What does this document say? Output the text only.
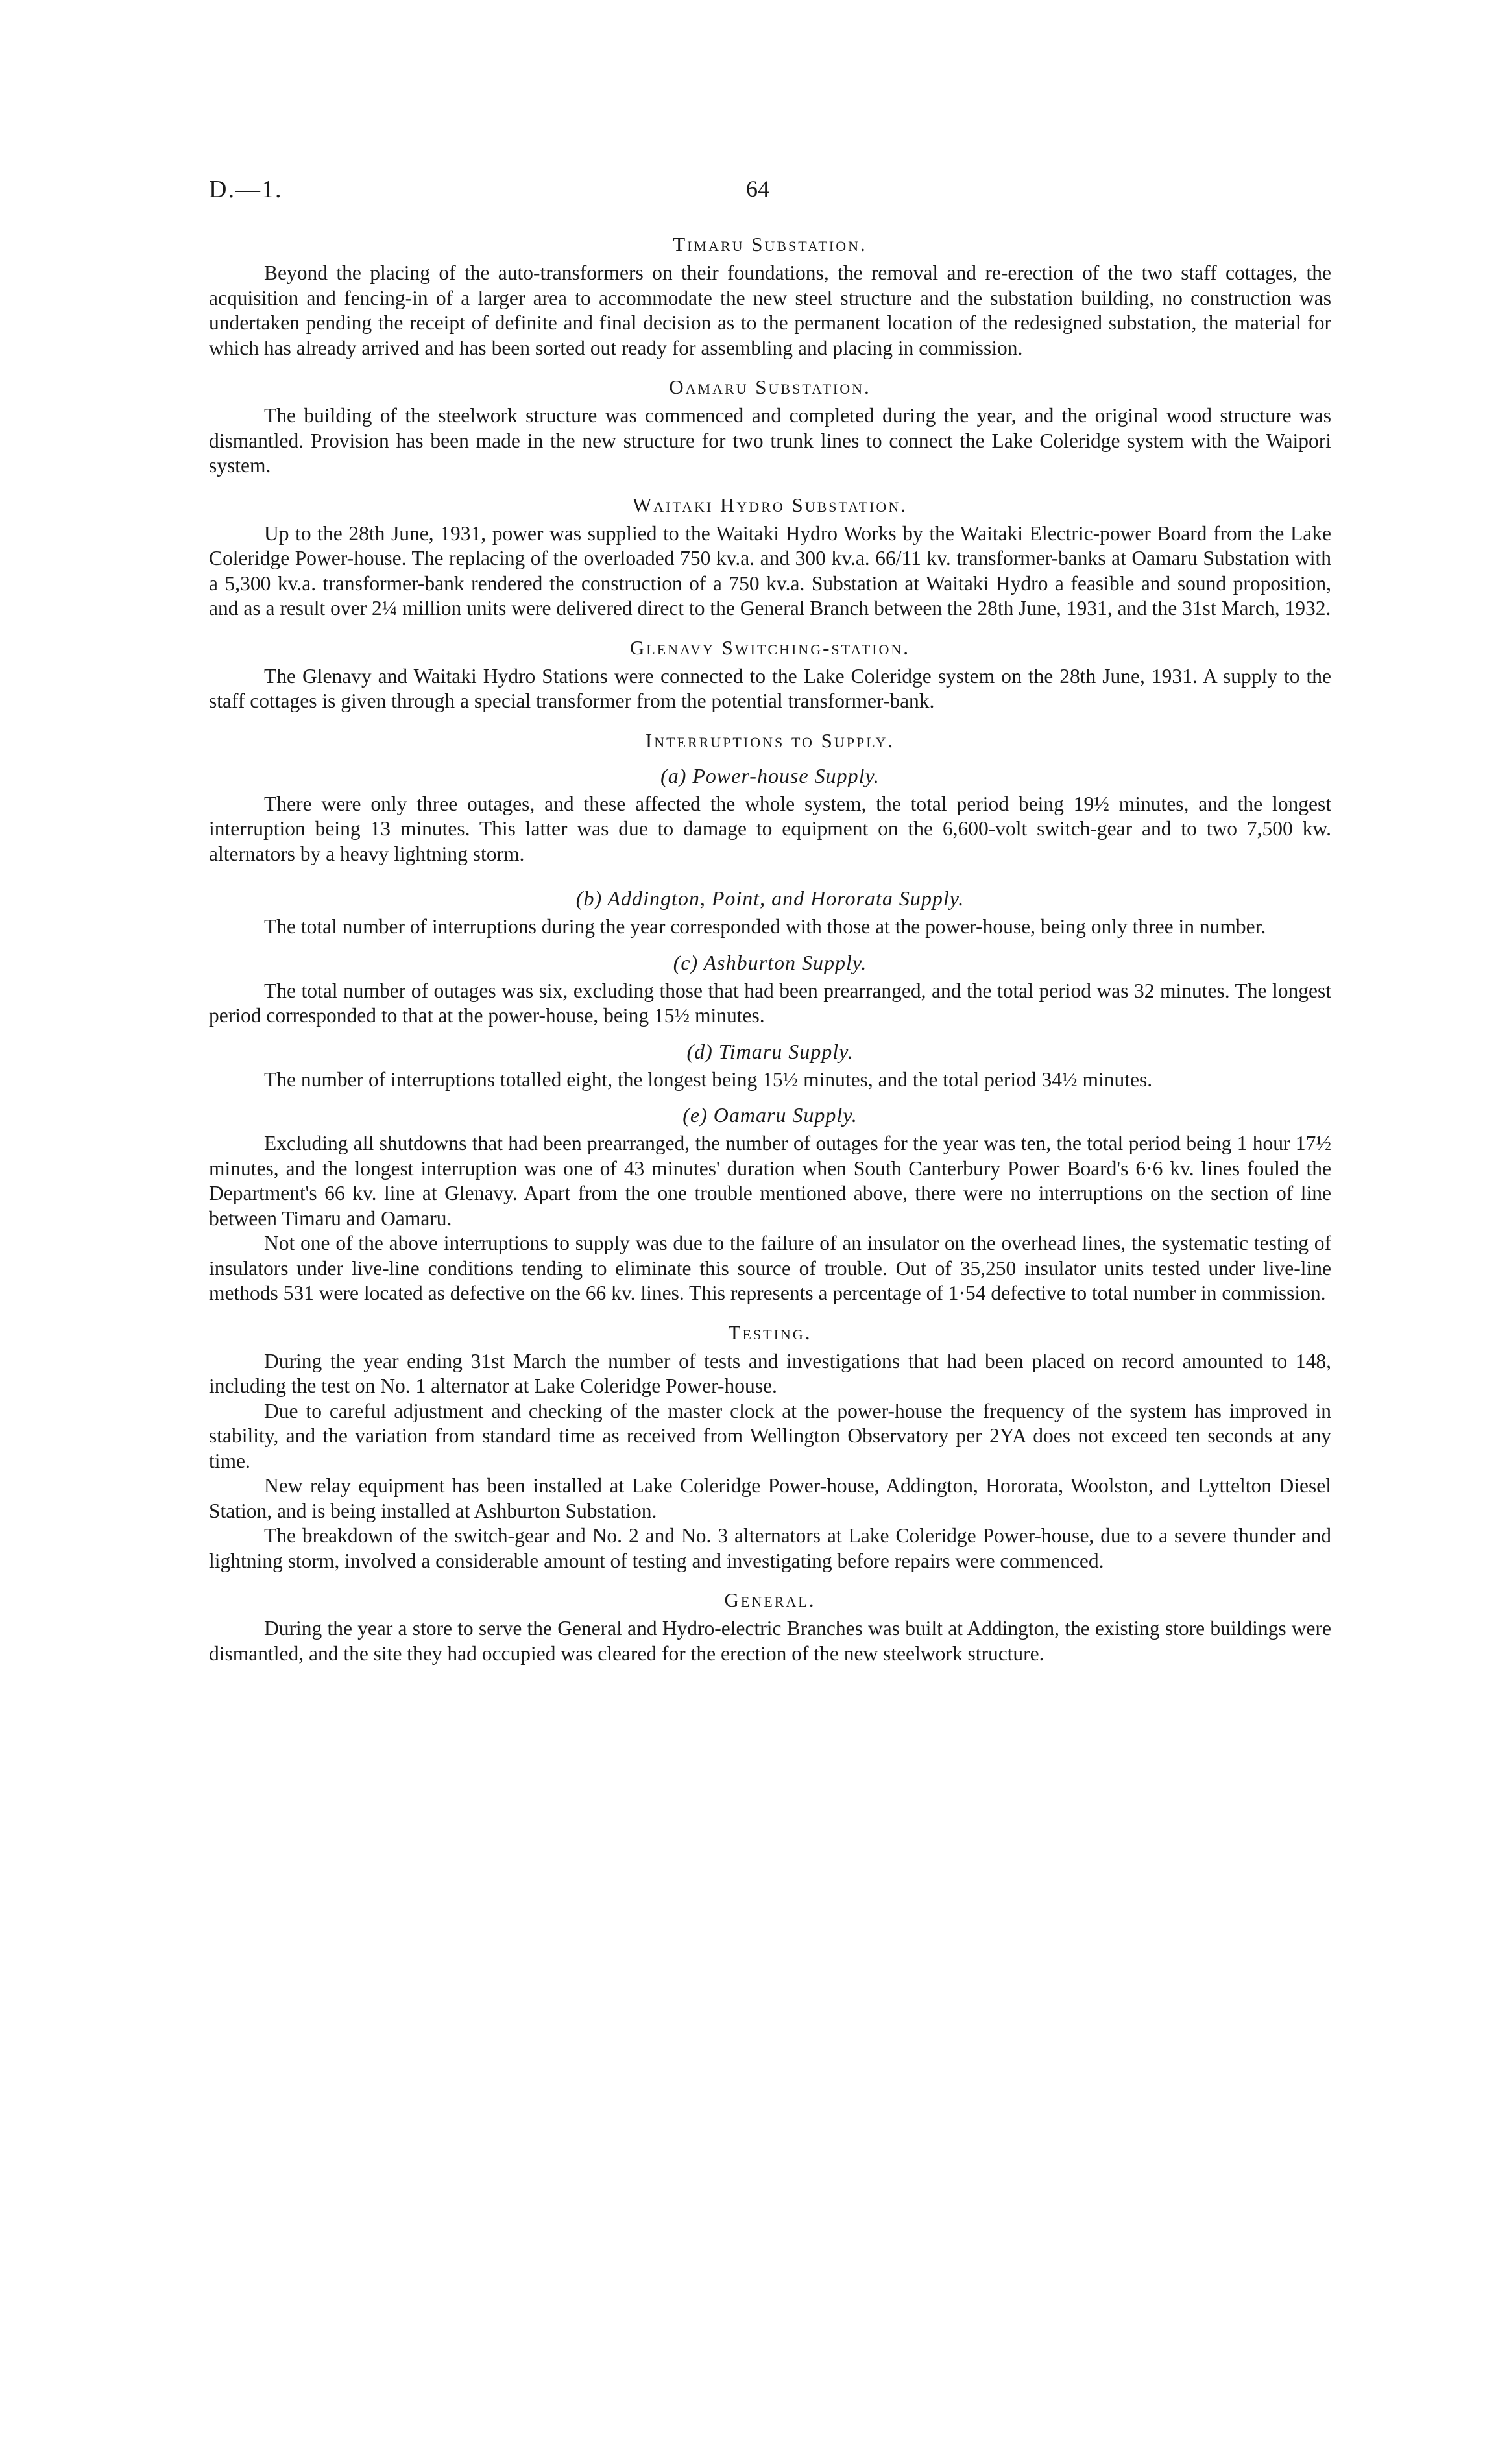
D.—1.	64
Timaru Substation.

Beyond the placing of the auto-transformers on their foundations, the removal and re-erection of the two staff cottages, the acquisition and fencing-in of a larger area to accommodate the new steel structure and the substation building, no construction was undertaken pending the receipt of definite and final decision as to the permanent location of the redesigned substation, the material for which has already arrived and has been sorted out ready for assembling and placing in commission.

Oamaru Substation.

The building of the steelwork structure was commenced and completed during the year, and the original wood structure was dismantled. Provision has been made in the new structure for two trunk lines to connect the Lake Coleridge system with the Waipori system.

Waitaki Hydro Substation.

Up to the 28th June, 1931, power was supplied to the Waitaki Hydro Works by the Waitaki Electric-power Board from the Lake Coleridge Power-house. The replacing of the overloaded 750 kv.a. and 300 kv.a. 66/11 kv. transformer-banks at Oamaru Substation with a 5,300 kv.a. transformer-bank rendered the construction of a 750 kv.a. Substation at Waitaki Hydro a feasible and sound proposition, and as a result over 2¼ million units were delivered direct to the General Branch between the 28th June, 1931, and the 31st March, 1932.

Glenavy Switching-station.

The Glenavy and Waitaki Hydro Stations were connected to the Lake Coleridge system on the 28th June, 1931. A supply to the staff cottages is given through a special transformer from the potential transformer-bank.

Interruptions to Supply.
(a) Power-house Supply.

There were only three outages, and these affected the whole system, the total period being 19½ minutes, and the longest interruption being 13 minutes. This latter was due to damage to equipment on the 6,600-volt switch-gear and to two 7,500 kw. alternators by a heavy lightning storm.

(b) Addington, Point, and Hororata Supply.

The total number of interruptions during the year corresponded with those at the power-house, being only three in number.

(c) Ashburton Supply.

The total number of outages was six, excluding those that had been prearranged, and the total period was 32 minutes. The longest period corresponded to that at the power-house, being 15½ minutes.

(d) Timaru Supply.

The number of interruptions totalled eight, the longest being 15½ minutes, and the total period 34½ minutes.

(e) Oamaru Supply.

Excluding all shutdowns that had been prearranged, the number of outages for the year was ten, the total period being 1 hour 17½ minutes, and the longest interruption was one of 43 minutes' duration when South Canterbury Power Board's 6·6 kv. lines fouled the Department's 66 kv. line at Glenavy. Apart from the one trouble mentioned above, there were no interruptions on the section of line between Timaru and Oamaru.

Not one of the above interruptions to supply was due to the failure of an insulator on the overhead lines, the systematic testing of insulators under live-line conditions tending to eliminate this source of trouble. Out of 35,250 insulator units tested under live-line methods 531 were located as defective on the 66 kv. lines. This represents a percentage of 1·54 defective to total number in commission.

Testing.

During the year ending 31st March the number of tests and investigations that had been placed on record amounted to 148, including the test on No. 1 alternator at Lake Coleridge Power-house.

Due to careful adjustment and checking of the master clock at the power-house the frequency of the system has improved in stability, and the variation from standard time as received from Wellington Observatory per 2YA does not exceed ten seconds at any time.

New relay equipment has been installed at Lake Coleridge Power-house, Addington, Hororata, Woolston, and Lyttelton Diesel Station, and is being installed at Ashburton Substation.

The breakdown of the switch-gear and No. 2 and No. 3 alternators at Lake Coleridge Power-house, due to a severe thunder and lightning storm, involved a considerable amount of testing and investigating before repairs were commenced.

General.

During the year a store to serve the General and Hydro-electric Branches was built at Addington, the existing store buildings were dismantled, and the site they had occupied was cleared for the erection of the new steelwork structure.
